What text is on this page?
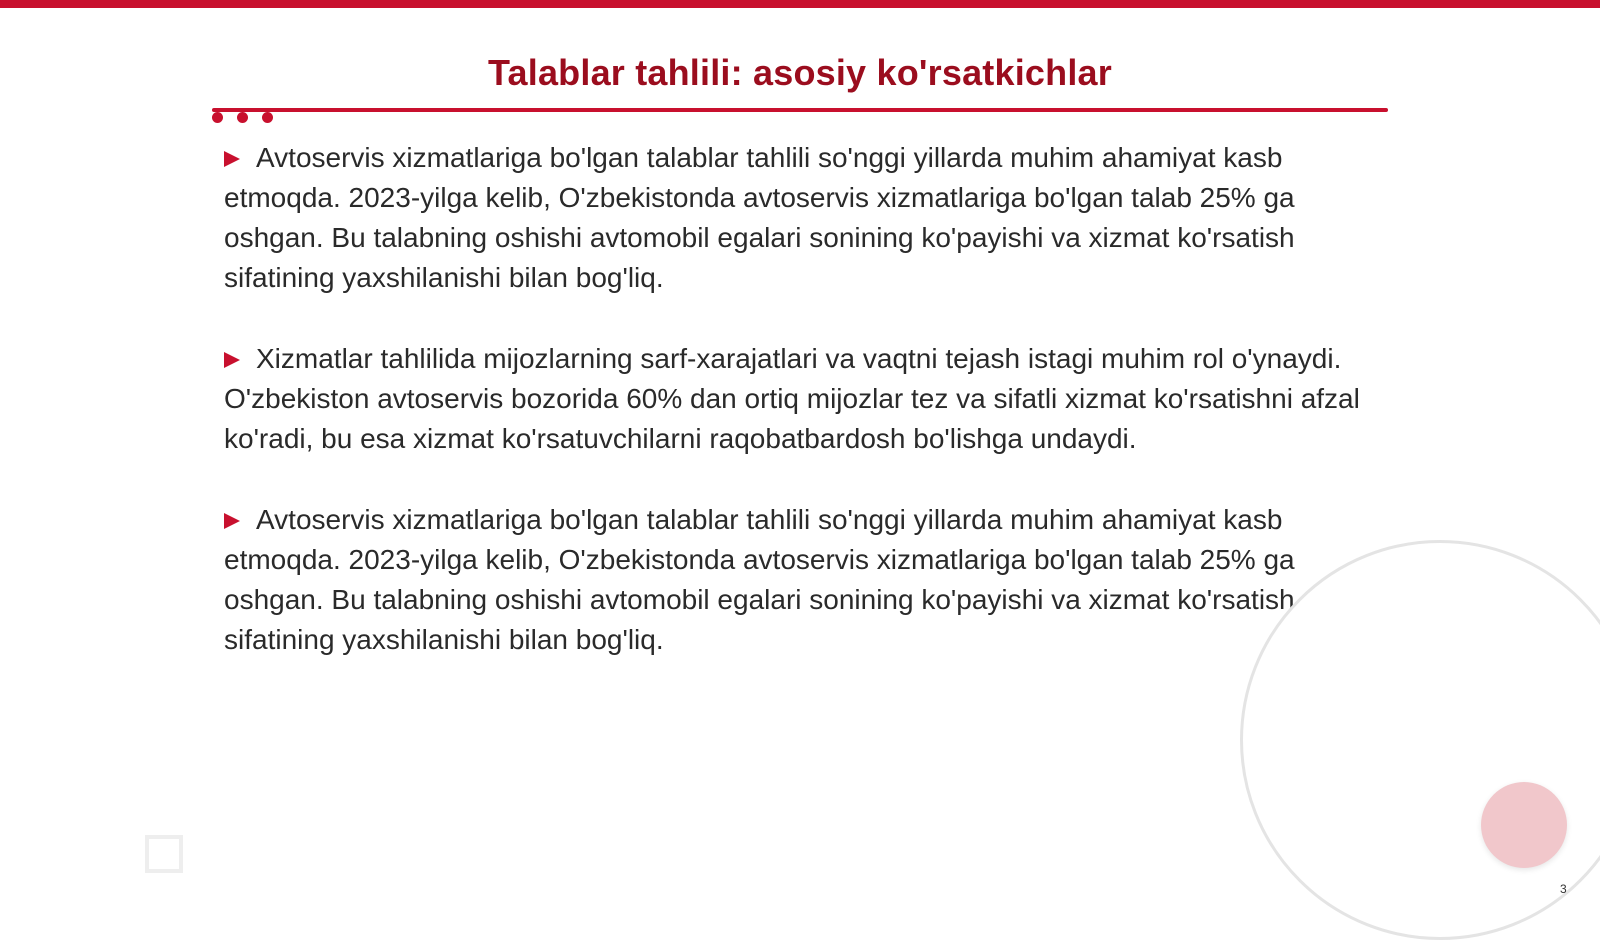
Talablar tahlili: asosiy ko'rsatkichlar

Avtoservis xizmatlariga bo'lgan talablar tahlili so'nggi yillarda muhim ahamiyat kasb etmoqda. 2023-yilga kelib, O'zbekistonda avtoservis xizmatlariga bo'lgan talab 25% ga oshgan. Bu talabning oshishi avtomobil egalari sonining ko'payishi va xizmat ko'rsatish sifatining yaxshilanishi bilan bog'liq.

Xizmatlar tahlilida mijozlarning sarf-xarajatlari va vaqtni tejash istagi muhim rol o'ynaydi. O'zbekiston avtoservis bozorida 60% dan ortiq mijozlar tez va sifatli xizmat ko'rsatishni afzal ko'radi, bu esa xizmat ko'rsatuvchilarni raqobatbardosh bo'lishga undaydi.

Avtoservis xizmatlariga bo'lgan talablar tahlili so'nggi yillarda muhim ahamiyat kasb etmoqda. 2023-yilga kelib, O'zbekistonda avtoservis xizmatlariga bo'lgan talab 25% ga oshgan. Bu talabning oshishi avtomobil egalari sonining ko'payishi va xizmat ko'rsatish sifatining yaxshilanishi bilan bog'liq.

3
